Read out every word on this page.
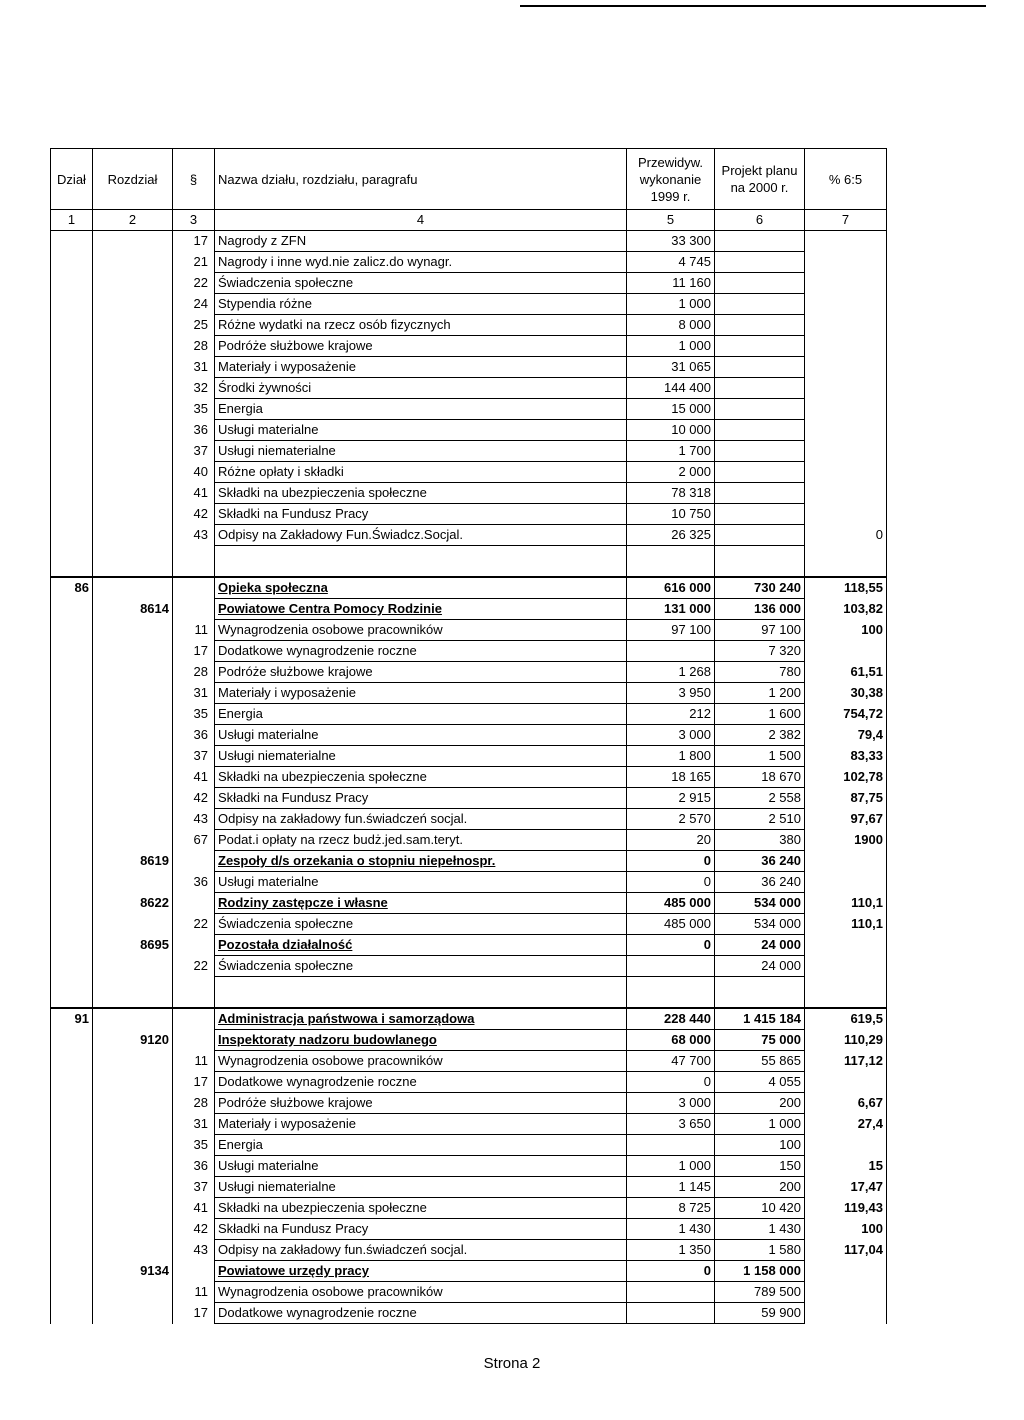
Dział	Rozdział	§	Nazwa działu, rozdziału, paragrafu	Przewidyw. wykonanie 1999 r.	Projekt planu na 2000 r.	% 6:5
1	2	3	4	5	6	7
		17	Nagrody z ZFN	33 300		
		21	Nagrody i inne wyd.nie zalicz.do wynagr.	4 745		
		22	Świadczenia społeczne	11 160		
		24	Stypendia różne	1 000		
		25	Różne wydatki na rzecz osób fizycznych	8 000		
		28	Podróże służbowe krajowe	1 000		
		31	Materiały i wyposażenie	31 065		
		32	Środki żywności	144 400		
		35	Energia	15 000		
		36	Usługi materialne	10 000		
		37	Usługi niematerialne	1 700		
		40	Różne opłaty i składki	2 000		
		41	Składki na ubezpieczenia społeczne	78 318		
		42	Składki na Fundusz Pracy	10 750		
		43	Odpisy na Zakładowy Fun.Świadcz.Socjal.	26 325		0

86			Opieka społeczna	616 000	730 240	118,55
	8614		Powiatowe Centra Pomocy Rodzinie	131 000	136 000	103,82
		11	Wynagrodzenia osobowe pracowników	97 100	97 100	100
		17	Dodatkowe wynagrodzenie roczne		7 320	
		28	Podróże służbowe krajowe	1 268	780	61,51
		31	Materiały i wyposażenie	3 950	1 200	30,38
		35	Energia	212	1 600	754,72
		36	Usługi materialne	3 000	2 382	79,4
		37	Usługi niematerialne	1 800	1 500	83,33
		41	Składki na ubezpieczenia społeczne	18 165	18 670	102,78
		42	Składki na Fundusz Pracy	2 915	2 558	87,75
		43	Odpisy na zakładowy fun.świadczeń socjal.	2 570	2 510	97,67
		67	Podat.i opłaty na rzecz budż.jed.sam.teryt.	20	380	1900
	8619		Zespoły d/s orzekania o stopniu niepełnospr.	0	36 240	
		36	Usługi materialne	0	36 240	
	8622		Rodziny zastępcze i własne	485 000	534 000	110,1
		22	Świadczenia społeczne	485 000	534 000	110,1
	8695		Pozostała działalność	0	24 000	
		22	Świadczenia społeczne		24 000	

91			Administracja państwowa i samorządowa	228 440	1 415 184	619,5
	9120		Inspektoraty nadzoru budowlanego	68 000	75 000	110,29
		11	Wynagrodzenia osobowe pracowników	47 700	55 865	117,12
		17	Dodatkowe wynagrodzenie roczne	0	4 055	
		28	Podróże służbowe krajowe	3 000	200	6,67
		31	Materiały i wyposażenie	3 650	1 000	27,4
		35	Energia		100	
		36	Usługi materialne	1 000	150	15
		37	Usługi niematerialne	1 145	200	17,47
		41	Składki na ubezpieczenia społeczne	8 725	10 420	119,43
		42	Składki na Fundusz Pracy	1 430	1 430	100
		43	Odpisy na zakładowy fun.świadczeń socjal.	1 350	1 580	117,04
	9134		Powiatowe urzędy pracy	0	1 158 000	
		11	Wynagrodzenia osobowe pracowników		789 500	
		17	Dodatkowe wynagrodzenie roczne		59 900	
Strona 2
